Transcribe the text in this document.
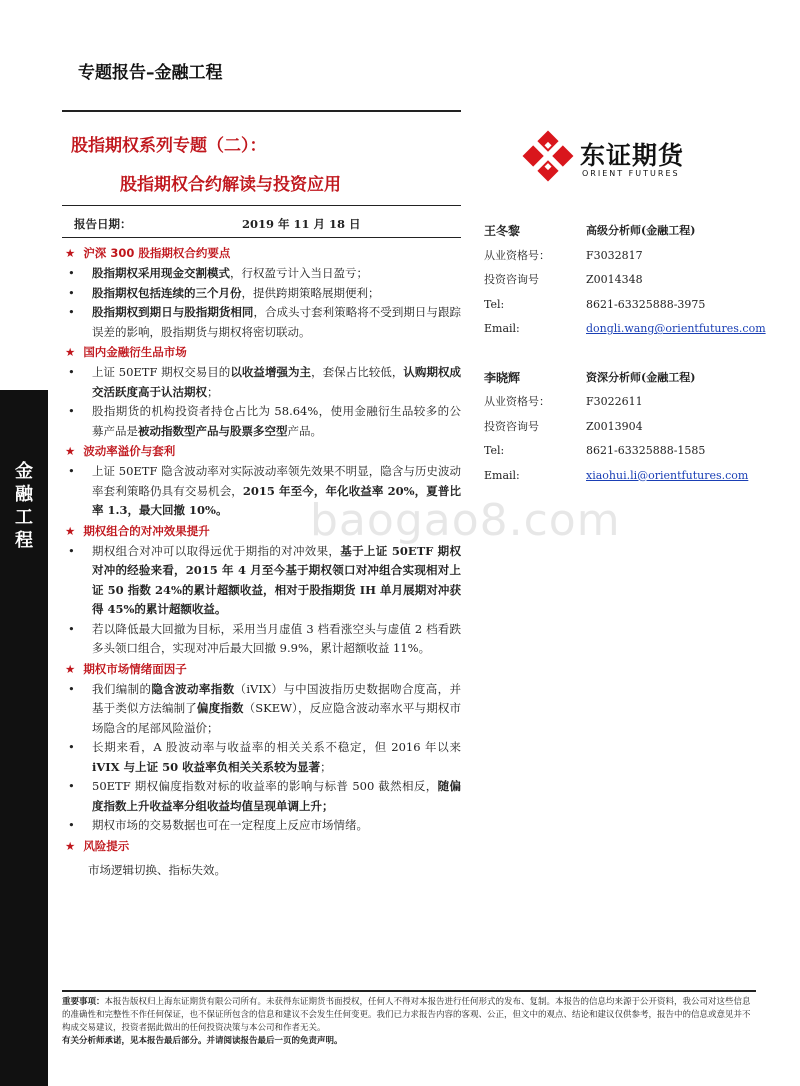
专题报告–金融工程
股指期权系列专题（二）：
股指期权合约解读与投资应用
东证期货
ORIENT FUTURES
报告日期：	2019 年 11 月 18 日
金融工程	baogao8.com
★ 沪深 300 股指期权合约要点
• 股指期权采用现金交割模式，行权盈亏计入当日盈亏；
• 股指期权包括连续的三个月份，提供跨期策略展期便利；
• 股指期权到期日与股指期货相同，合成头寸套利策略将不受到期日与跟踪误差的影响，股指期货与期权将密切联动。
★ 国内金融衍生品市场
• 上证 50ETF 期权交易目的以收益增强为主，套保占比较低，认购期权成交活跃度高于认沽期权；
• 股指期货的机构投资者持仓占比为 58.64%，使用金融衍生品较多的公募产品是被动指数型产品与股票多空型产品。
★ 波动率溢价与套利
• 上证 50ETF 隐含波动率对实际波动率领先效果不明显，隐含与历史波动率套利策略仍具有交易机会，2015 年至今，年化收益率 20%，夏普比率 1.3，最大回撤 10%。
★ 期权组合的对冲效果提升
• 期权组合对冲可以取得远优于期指的对冲效果，基于上证 50ETF 期权对冲的经验来看，2015 年 4 月至今基于期权领口对冲组合实现相对上证 50 指数 24%的累计超额收益，相对于股指期货 IH 单月展期对冲获得 45%的累计超额收益。
• 若以降低最大回撤为目标，采用当月虚值 3 档看涨空头与虚值 2 档看跌多头领口组合，实现对冲后最大回撤 9.9%，累计超额收益 11%。
★ 期权市场情绪面因子
• 我们编制的隐含波动率指数（iVIX）与中国波指历史数据吻合度高，并基于类似方法编制了偏度指数（SKEW），反应隐含波动率水平与期权市场隐含的尾部风险溢价；
• 长期来看，A 股波动率与收益率的相关关系不稳定，但 2016 年以来 iVIX 与上证 50 收益率负相关关系较为显著；
• 50ETF 期权偏度指数对标的收益率的影响与标普 500 截然相反，随偏度指数上升收益率分组收益均值呈现单调上升；
• 期权市场的交易数据也可在一定程度上反应市场情绪。
★ 风险提示
市场逻辑切换、指标失效。
王冬黎	高级分析师(金融工程)
从业资格号：	F3032817
投资咨询号	Z0014348
Tel:	8621-63325888-3975
Email:	dongli.wang@orientfutures.com
李晓辉	资深分析师(金融工程)
从业资格号：	F3022611
投资咨询号	Z0013904
Tel:	8621-63325888-1585
Email:	xiaohui.li@orientfutures.com
重要事项：本报告版权归上海东证期货有限公司所有。未获得东证期货书面授权，任何人不得对本报告进行任何形式的发布、复制。本报告的信息均来源于公开资料，我公司对这些信息的准确性和完整性不作任何保证，也不保证所包含的信息和建议不会发生任何变更。我们已力求报告内容的客观、公正，但文中的观点、结论和建议仅供参考，报告中的信息或意见并不构成交易建议，投资者据此做出的任何投资决策与本公司和作者无关。
有关分析师承诺，见本报告最后部分。并请阅读报告最后一页的免责声明。
